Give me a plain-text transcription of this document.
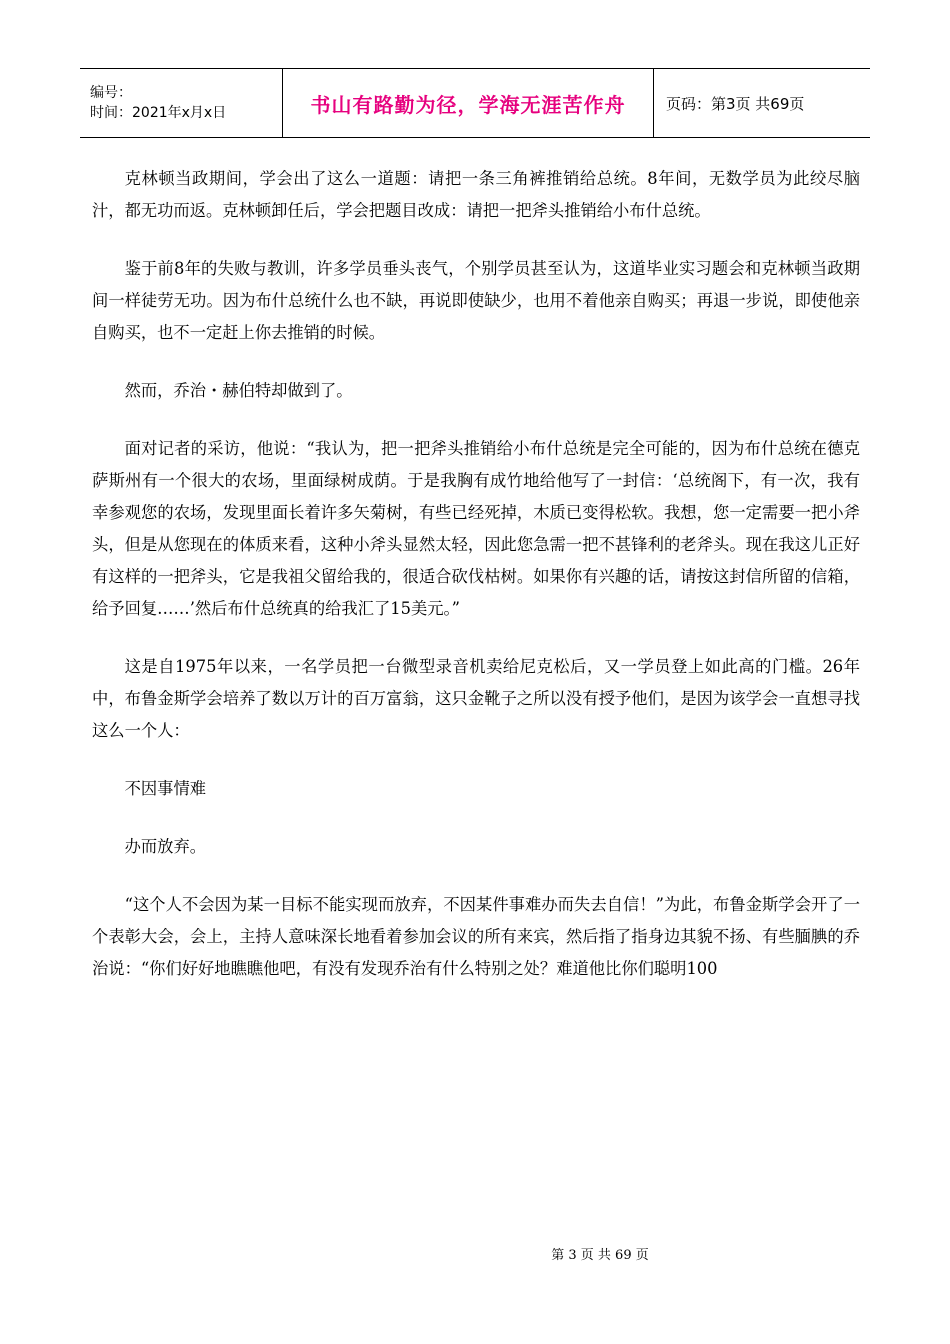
编号：
时间：2021年x月x日	书山有路勤为径，学海无涯苦作舟	页码：第3页 共69页

克林顿当政期间，学会出了这么一道题：请把一条三角裤推销给总统。8年间，无数学员为此绞尽脑汁，都无功而返。克林顿卸任后，学会把题目改成：请把一把斧头推销给小布什总统。

鉴于前8年的失败与教训，许多学员垂头丧气，个别学员甚至认为，这道毕业实习题会和克林顿当政期间一样徒劳无功。因为布什总统什么也不缺，再说即使缺少，也用不着他亲自购买；再退一步说，即使他亲自购买，也不一定赶上你去推销的时候。

然而，乔治・赫伯特却做到了。

面对记者的采访，他说：“我认为，把一把斧头推销给小布什总统是完全可能的，因为布什总统在德克萨斯州有一个很大的农场，里面绿树成荫。于是我胸有成竹地给他写了一封信：‘总统阁下，有一次，我有幸参观您的农场，发现里面长着许多矢菊树，有些已经死掉，木质已变得松软。我想，您一定需要一把小斧头，但是从您现在的体质来看，这种小斧头显然太轻，因此您急需一把不甚锋利的老斧头。现在我这儿正好有这样的一把斧头，它是我祖父留给我的，很适合砍伐枯树。如果你有兴趣的话，请按这封信所留的信箱，给予回复……’然后布什总统真的给我汇了15美元。”

这是自1975年以来，一名学员把一台微型录音机卖给尼克松后，又一学员登上如此高的门槛。26年中，布鲁金斯学会培养了数以万计的百万富翁，这只金靴子之所以没有授予他们，是因为该学会一直想寻找这么一个人：

不因事情难

办而放弃。

“这个人不会因为某一目标不能实现而放弃，不因某件事难办而失去自信！”为此，布鲁金斯学会开了一个表彰大会，会上，主持人意味深长地看着参加会议的所有来宾，然后指了指身边其貌不扬、有些腼腆的乔治说：“你们好好地瞧瞧他吧，有没有发现乔治有什么特别之处？难道他比你们聪明100

第 3 页 共 69 页
